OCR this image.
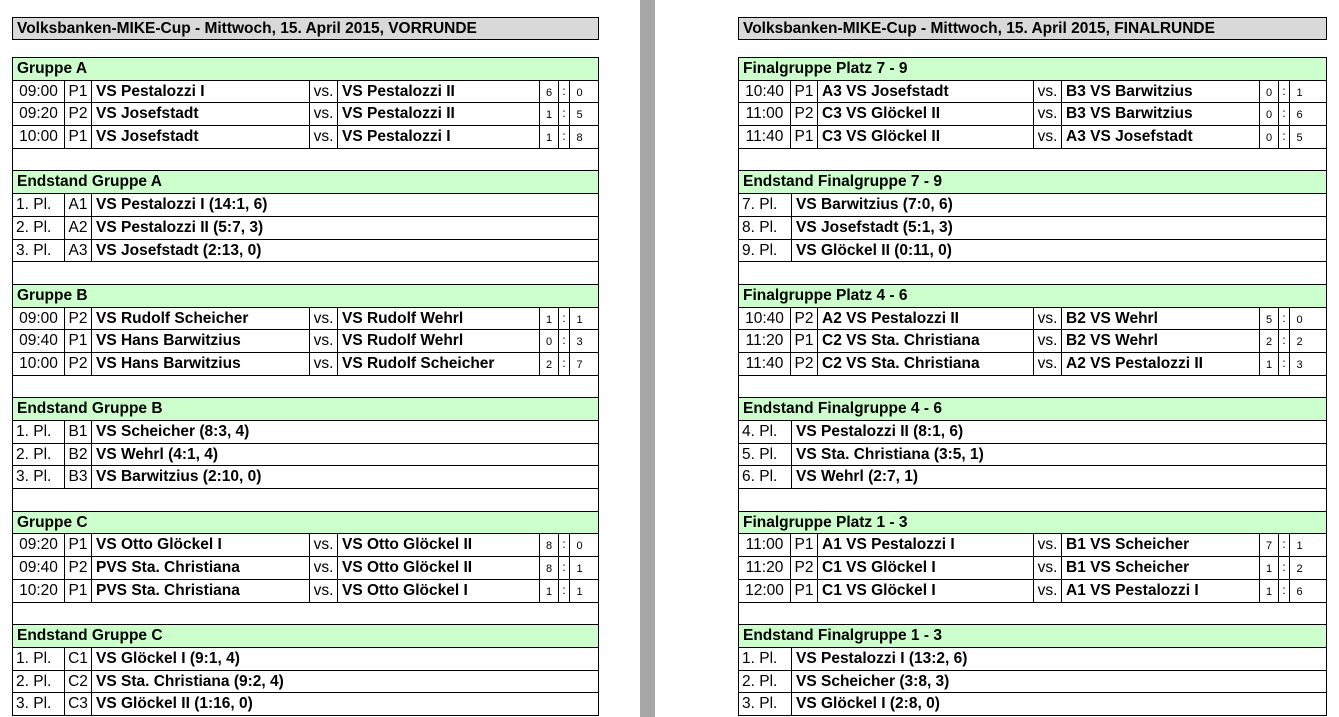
Volksbanken-MIKE-Cup - Mittwoch, 15. April 2015, VORRUNDE
Gruppe A
09:00 P1 VS Pestalozzi I	vs. VS Pestalozzi II	6 : 0
09:20 P2 VS Josefstadt	vs. VS Pestalozzi II	1 : 5
10:00 P1 VS Josefstadt	vs. VS Pestalozzi I	1 : 8
Endstand Gruppe A
1. Pl.	A1 VS Pestalozzi I (14:1, 6)
2. Pl.	A2 VS Pestalozzi II (5:7, 3)
3. Pl.	A3 VS Josefstadt (2:13, 0)
Gruppe B
09:00 P2 VS Rudolf Scheicher	vs. VS Rudolf Wehrl	1 : 1
09:40 P1 VS Hans Barwitzius	vs. VS Rudolf Wehrl	0 : 3
10:00 P2 VS Hans Barwitzius	vs. VS Rudolf Scheicher	2 : 7
Endstand Gruppe B
1. Pl.	B1 VS Scheicher (8:3, 4)
2. Pl.	B2 VS Wehrl (4:1, 4)
3. Pl.	B3 VS Barwitzius (2:10, 0)
Gruppe C
09:20 P1 VS Otto Glöckel I	vs. VS Otto Glöckel II	8 : 0
09:40 P2 PVS Sta. Christiana	vs. VS Otto Glöckel II	8 : 1
10:20 P1 PVS Sta. Christiana	vs. VS Otto Glöckel I	1 : 1
Endstand Gruppe C
1. Pl.	C1 VS Glöckel I (9:1, 4)
2. Pl.	C2 VS Sta. Christiana (9:2, 4)
3. Pl.	C3 VS Glöckel II (1:16, 0)
Volksbanken-MIKE-Cup - Mittwoch, 15. April 2015, FINALRUNDE
Finalgruppe Platz 7 - 9
10:40 P1 A3 VS Josefstadt	vs. B3 VS Barwitzius	0 : 1
11:00 P2 C3 VS Glöckel II	vs. B3 VS Barwitzius	0 : 6
11:40 P1 C3 VS Glöckel II	vs. A3 VS Josefstadt	0 : 5
Endstand Finalgruppe 7 - 9
7. Pl.	VS Barwitzius (7:0, 6)
8. Pl.	VS Josefstadt (5:1, 3)
9. Pl.	VS Glöckel II (0:11, 0)
Finalgruppe Platz 4 - 6
10:40 P2 A2 VS Pestalozzi II	vs. B2 VS Wehrl	5 : 0
11:20 P1 C2 VS Sta. Christiana	vs. B2 VS Wehrl	2 : 2
11:40 P2 C2 VS Sta. Christiana	vs. A2 VS Pestalozzi II	1 : 3
Endstand Finalgruppe 4 - 6
4. Pl.	VS Pestalozzi II (8:1, 6)
5. Pl.	VS Sta. Christiana (3:5, 1)
6. Pl.	VS Wehrl (2:7, 1)
Finalgruppe Platz 1 - 3
11:00 P1 A1 VS Pestalozzi I	vs. B1 VS Scheicher	7 : 1
11:20 P2 C1 VS Glöckel I	vs. B1 VS Scheicher	1 : 2
12:00 P1 C1 VS Glöckel I	vs. A1 VS Pestalozzi I	1 : 6
Endstand Finalgruppe 1 - 3
1. Pl.	VS Pestalozzi I (13:2, 6)
2. Pl.	VS Scheicher (3:8, 3)
3. Pl.	VS Glöckel I (2:8, 0)
